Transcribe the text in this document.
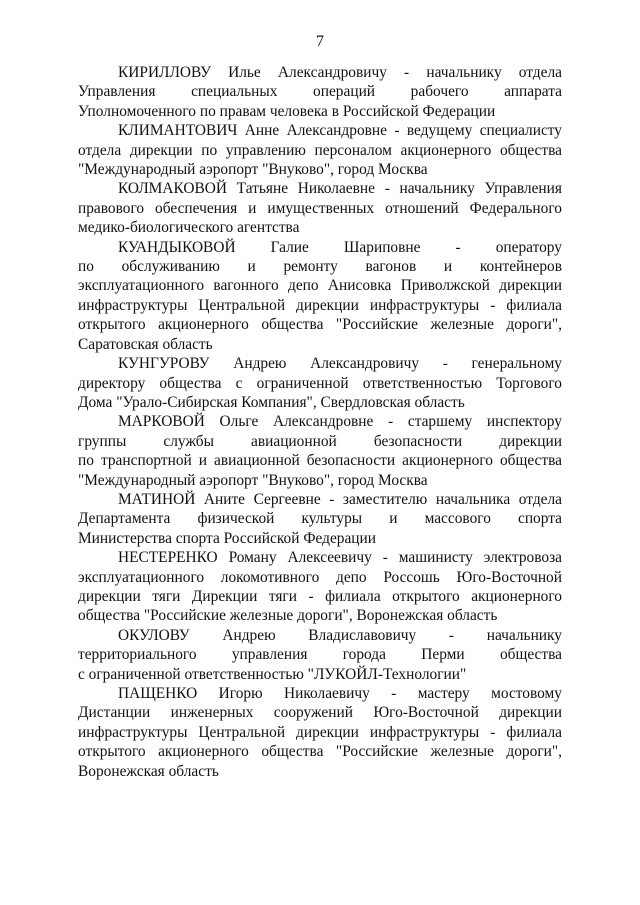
7

КИРИЛЛОВУ Илье Александровичу - начальнику отдела
Управления специальных операций рабочего аппарата
Уполномоченного по правам человека в Российской Федерации

КЛИМАНТОВИЧ Анне Александровне - ведущему специалисту
отдела дирекции по управлению персоналом акционерного общества
"Международный аэропорт "Внуково", город Москва

КОЛМАКОВОЙ Татьяне Николаевне - начальнику Управления
правового обеспечения и имущественных отношений Федерального
медико-биологического агентства

КУАНДЫКОВОЙ Галие Шариповне - оператору
по обслуживанию и ремонту вагонов и контейнеров
эксплуатационного вагонного депо Анисовка Приволжской дирекции
инфраструктуры Центральной дирекции инфраструктуры - филиала
открытого акционерного общества "Российские железные дороги",
Саратовская область

КУНГУРОВУ Андрею Александровичу - генеральному
директору общества с ограниченной ответственностью Торгового
Дома "Урало-Сибирская Компания", Свердловская область

МАРКОВОЙ Ольге Александровне - старшему инспектору
группы службы авиационной безопасности дирекции
по транспортной и авиационной безопасности акционерного общества
"Международный аэропорт "Внуково", город Москва

МАТИНОЙ Аните Сергеевне - заместителю начальника отдела
Департамента физической культуры и массового спорта
Министерства спорта Российской Федерации

НЕСТЕРЕНКО Роману Алексеевичу - машинисту электровоза
эксплуатационного локомотивного депо Россошь Юго-Восточной
дирекции тяги Дирекции тяги - филиала открытого акционерного
общества "Российские железные дороги", Воронежская область

ОКУЛОВУ Андрею Владиславовичу - начальнику
территориального управления города Перми общества
с ограниченной ответственностью "ЛУКОЙЛ-Технологии"

ПАЩЕНКО Игорю Николаевичу - мастеру мостовому
Дистанции инженерных сооружений Юго-Восточной дирекции
инфраструктуры Центральной дирекции инфраструктуры - филиала
открытого акционерного общества "Российские железные дороги",
Воронежская область
